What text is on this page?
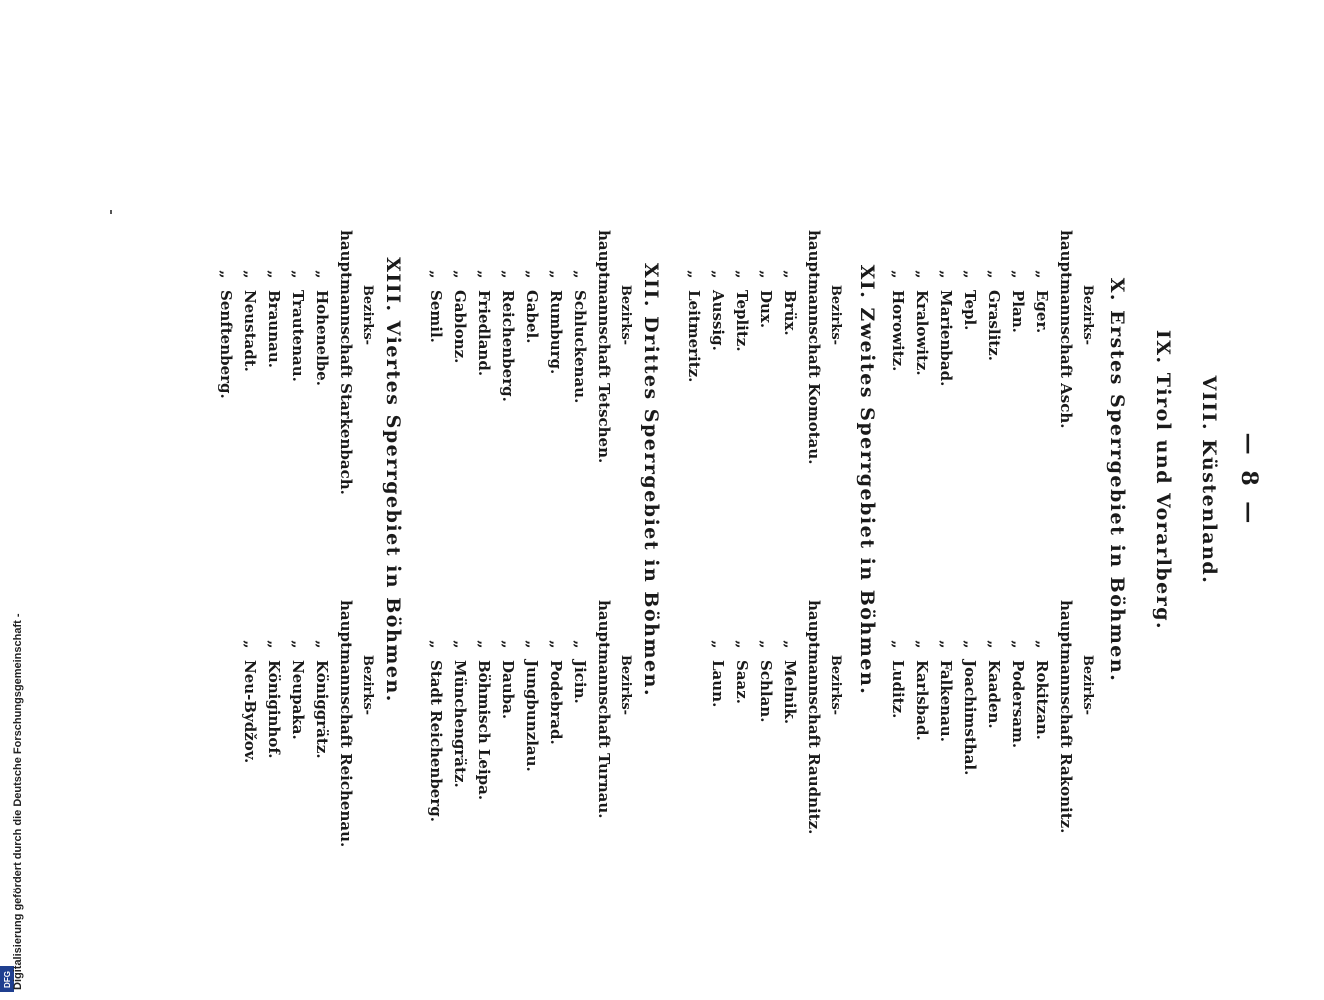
— 8 —
VIII. Küstenland.
IX. Tirol und Vorarlberg.
X. Erstes Sperrgebiet in Böhmen.
Bezirks-
hauptmannschaft
Asch.
„
Eger.
„
Plan.
„
Graslitz.
„
Tepl.
„
Marienbad.
„
Kralowitz.
„
Horowitz.
Bezirks-
hauptmannschaft
Rakonitz.
„
Rokitzan.
„
Podersam.
„
Kaaden.
„
Joachimsthal.
„
Falkenau.
„
Karlsbad.
„
Luditz.
XI. Zweites Sperrgebiet in Böhmen.
Bezirks-
hauptmannschaft
Komotau.
„
Brüx.
„
Dux.
„
Teplitz.
„
Aussig.
„
Leitmeritz.
Bezirks-
hauptmannschaft
Raudnitz.
„
Melnik.
„
Schlan.
„
Saaz.
„
Laun.
XII. Drittes Sperrgebiet in Böhmen.
Bezirks-
hauptmannschaft
Tetschen.
„
Schluckenau.
„
Rumburg.
„
Gabel.
„
Reichenberg.
„
Friedland.
„
Gablonz.
„
Semil.
Bezirks-
hauptmannschaft
Turnau.
„
Jicin.
„
Podebrad.
„
Jungbunzlau.
„
Dauba.
„
Böhmisch Leipa.
„
Münchengrätz.
„
Stadt Reichenberg.
XIII. Viertes Sperrgebiet in Böhmen.
Bezirks-
hauptmannschaft
Starkenbach.
„
Hohenelbe.
„
Trautenau.
„
Braunau.
„
Neustadt.
„
Senftenberg.
Bezirks-
hauptmannschaft
Reichenau.
„
Königgrätz.
„
Neupaka.
„
Königinhof.
„
Neu-Bydžov.
DFG Digitalisierung gefördert durch die Deutsche Forschungsgemeinschaft -
